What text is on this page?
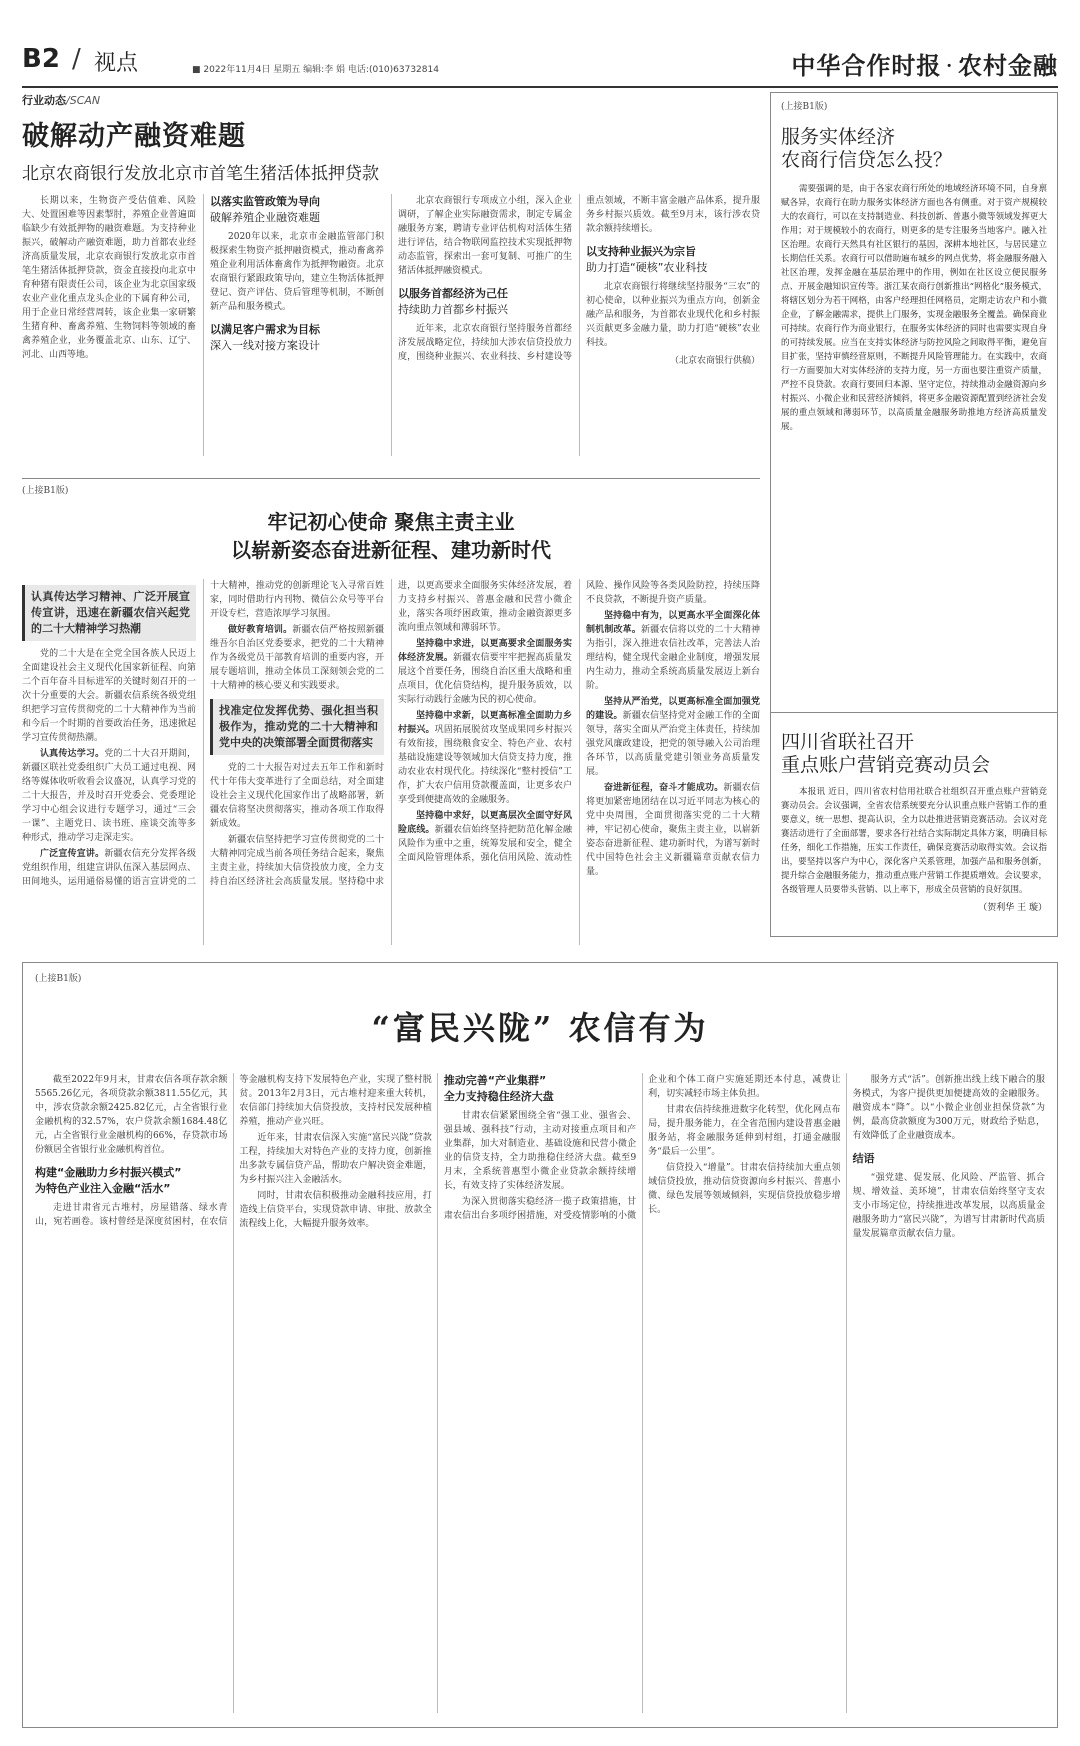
B2 / 视点	■ 2022年11月4日 星期五 编辑:李 娟 电话:(010)63732814	中华合作时报 · 农村金融
行业动态/SCAN
破解动产融资难题
北京农商银行发放北京市首笔生猪活体抵押贷款

长期以来，生物资产受估值难、风险大、处置困难等因素掣肘，养殖企业普遍面临缺少有效抵押物的融资难题。为支持种业振兴，破解动产融资难题，助力首都农业经济高质量发展，北京农商银行发放北京市首笔生猪活体抵押贷款，资金直接投向北京中育种猪有限责任公司，该企业为北京国家级农业产业化重点龙头企业的下属育种公司，用于企业日常经营周转，该企业集一家研繁生猪育种、畜禽养殖、生物饲料等领域的畜禽养殖企业，业务覆盖北京、山东、辽宁、河北、山西等地。

以落实监管政策为导向
破解养殖企业融资难题

2020年以来，北京市金融监管部门积极探索生物资产抵押融资模式，推动畜禽养殖企业利用活体畜禽作为抵押物融资。北京农商银行紧跟政策导向，建立生物活体抵押登记、资产评估、贷后管理等机制，不断创新产品和服务模式。

以满足客户需求为目标
深入一线对接方案设计

北京农商银行专项成立小组，深入企业调研，了解企业实际融资需求，制定专属金融服务方案，聘请专业评估机构对活体生猪进行评估，结合物联网监控技术实现抵押物动态监管，探索出一套可复制、可推广的生猪活体抵押融资模式。

以服务首都经济为己任
持续助力首都乡村振兴

近年来，北京农商银行坚持服务首都经济发展战略定位，持续加大涉农信贷投放力度，围绕种业振兴、农业科技、乡村建设等重点领域，不断丰富金融产品体系，提升服务乡村振兴质效。截至9月末，该行涉农贷款余额持续增长。

以支持种业振兴为宗旨
助力打造“硬核”农业科技

北京农商银行将继续坚持服务“三农”的初心使命，以种业振兴为重点方向，创新金融产品和服务，为首都农业现代化和乡村振兴贡献更多金融力量，助力打造“硬核”农业科技。

（北京农商银行供稿）
(上接B1版)
服务实体经济
农商行信贷怎么投？

需要强调的是，由于各家农商行所处的地域经济环境不同，自身禀赋各异，农商行在助力服务实体经济方面也各有侧重。对于资产规模较大的农商行，可以在支持制造业、科技创新、普惠小微等领域发挥更大作用；对于规模较小的农商行，则更多的是专注服务当地客户。融入社区治理。农商行天然具有社区银行的基因，深耕本地社区，与居民建立长期信任关系。农商行可以借助遍布城乡的网点优势，将金融服务融入社区治理，发挥金融在基层治理中的作用，例如在社区设立便民服务点、开展金融知识宣传等。浙江某农商行创新推出“网格化”服务模式，将辖区划分为若干网格，由客户经理担任网格员，定期走访农户和小微企业，了解金融需求，提供上门服务，实现金融服务全覆盖。确保商业可持续。农商行作为商业银行，在服务实体经济的同时也需要实现自身的可持续发展。应当在支持实体经济与防控风险之间取得平衡，避免盲目扩张，坚持审慎经营原则，不断提升风险管理能力。在实践中，农商行一方面要加大对实体经济的支持力度，另一方面也要注重资产质量，严控不良贷款。农商行要回归本源、坚守定位，持续推动金融资源向乡村振兴、小微企业和民营经济倾斜，将更多金融资源配置到经济社会发展的重点领域和薄弱环节，以高质量金融服务助推地方经济高质量发展。

四川省联社召开
重点账户营销竞赛动员会

本报讯 近日，四川省农村信用社联合社组织召开重点账户营销竞赛动员会。会议强调，全省农信系统要充分认识重点账户营销工作的重要意义，统一思想、提高认识，全力以赴推进营销竞赛活动。会议对竞赛活动进行了全面部署，要求各行社结合实际制定具体方案，明确目标任务，细化工作措施，压实工作责任，确保竞赛活动取得实效。会议指出，要坚持以客户为中心，深化客户关系管理，加强产品和服务创新，提升综合金融服务能力，推动重点账户营销工作提质增效。会议要求，各级管理人员要带头营销、以上率下，形成全员营销的良好氛围。

（贺利华 王 璇）
(上接B1版)
牢记初心使命 聚焦主责主业
以崭新姿态奋进新征程、建功新时代
认真传达学习精神、广泛开展宣传宣讲，迅速在新疆农信兴起党的二十大精神学习热潮

党的二十大是在全党全国各族人民迈上全面建设社会主义现代化国家新征程、向第二个百年奋斗目标进军的关键时刻召开的一次十分重要的大会。新疆农信系统各级党组织把学习宣传贯彻党的二十大精神作为当前和今后一个时期的首要政治任务，迅速掀起学习宣传贯彻热潮。

认真传达学习。党的二十大召开期间，新疆区联社党委组织广大员工通过电视、网络等媒体收听收看会议盛况，认真学习党的二十大报告，并及时召开党委会、党委理论学习中心组会议进行专题学习，通过“三会一课”、主题党日、读书班、座谈交流等多种形式，推动学习走深走实。

广泛宣传宣讲。新疆农信充分发挥各级党组织作用，组建宣讲队伍深入基层网点、田间地头，运用通俗易懂的语言宣讲党的二十大精神，推动党的创新理论飞入寻常百姓家，同时借助行内刊物、微信公众号等平台开设专栏，营造浓厚学习氛围。

做好教育培训。新疆农信严格按照新疆维吾尔自治区党委要求，把党的二十大精神作为各级党员干部教育培训的重要内容，开展专题培训，推动全体员工深刻领会党的二十大精神的核心要义和实践要求。

找准定位发挥优势、强化担当积极作为，推动党的二十大精神和党中央的决策部署全面贯彻落实

党的二十大报告对过去五年工作和新时代十年伟大变革进行了全面总结，对全面建设社会主义现代化国家作出了战略部署，新疆农信将坚决贯彻落实，推动各项工作取得新成效。

新疆农信坚持把学习宣传贯彻党的二十大精神同完成当前各项任务结合起来，聚焦主责主业，持续加大信贷投放力度，全力支持自治区经济社会高质量发展。坚持稳中求进，以更高要求全面服务实体经济发展，着力支持乡村振兴、普惠金融和民营小微企业，落实各项纾困政策，推动金融资源更多流向重点领域和薄弱环节。

坚持稳中求进，以更高要求全面服务实体经济发展。新疆农信要牢牢把握高质量发展这个首要任务，围绕自治区重大战略和重点项目，优化信贷结构，提升服务质效，以实际行动践行金融为民的初心使命。

坚持稳中求新，以更高标准全面助力乡村振兴。巩固拓展脱贫攻坚成果同乡村振兴有效衔接，围绕粮食安全、特色产业、农村基础设施建设等领域加大信贷支持力度，推动农业农村现代化。持续深化“整村授信”工作，扩大农户信用贷款覆盖面，让更多农户享受到便捷高效的金融服务。

坚持稳中求好，以更高层次全面守好风险底线。新疆农信始终坚持把防范化解金融风险作为重中之重，统筹发展和安全，健全全面风险管理体系，强化信用风险、流动性风险、操作风险等各类风险防控，持续压降不良贷款，不断提升资产质量。

坚持稳中有为，以更高水平全面深化体制机制改革。新疆农信将以党的二十大精神为指引，深入推进农信社改革，完善法人治理结构，健全现代金融企业制度，增强发展内生动力，推动全系统高质量发展迈上新台阶。

坚持从严治党，以更高标准全面加强党的建设。新疆农信坚持党对金融工作的全面领导，落实全面从严治党主体责任，持续加强党风廉政建设，把党的领导融入公司治理各环节，以高质量党建引领业务高质量发展。

奋进新征程，奋斗才能成功。新疆农信将更加紧密地团结在以习近平同志为核心的党中央周围，全面贯彻落实党的二十大精神，牢记初心使命，聚焦主责主业，以崭新姿态奋进新征程、建功新时代，为谱写新时代中国特色社会主义新疆篇章贡献农信力量。

(上接B1版)
“富民兴陇” 农信有为

截至2022年9月末，甘肃农信各项存款余额5565.26亿元，各项贷款余额3811.55亿元，其中，涉农贷款余额2425.82亿元，占全省银行业金融机构的32.57%，农户贷款余额1684.48亿元，占全省银行业金融机构的66%，存贷款市场份额居全省银行业金融机构首位。

构建“金融助力乡村振兴模式”
为特色产业注入金融“活水”

走进甘肃省元古堆村，房屋错落、绿水青山，宛若画卷。该村曾经是深度贫困村，在农信等金融机构支持下发展特色产业，实现了整村脱贫。2013年2月3日，元古堆村迎来重大转机，农信部门持续加大信贷投放，支持村民发展种植养殖，推动产业兴旺。

近年来，甘肃农信深入实施“富民兴陇”贷款工程，持续加大对特色产业的支持力度，创新推出多款专属信贷产品，帮助农户解决资金难题，为乡村振兴注入金融活水。

同时，甘肃农信积极推动金融科技应用，打造线上信贷平台，实现贷款申请、审批、放款全流程线上化，大幅提升服务效率。

推动完善“产业集群”
全力支持稳住经济大盘

甘肃农信紧紧围绕全省“强工业、强省会、强县域、强科技”行动，主动对接重点项目和产业集群，加大对制造业、基础设施和民营小微企业的信贷支持，全力助推稳住经济大盘。截至9月末，全系统普惠型小微企业贷款余额持续增长，有效支持了实体经济发展。

为深入贯彻落实稳经济一揽子政策措施，甘肃农信出台多项纾困措施，对受疫情影响的小微企业和个体工商户实施延期还本付息，减费让利，切实减轻市场主体负担。

甘肃农信持续推进数字化转型，优化网点布局，提升服务能力，在全省范围内建设普惠金融服务站，将金融服务延伸到村组，打通金融服务“最后一公里”。

信贷投入“增量”。甘肃农信持续加大重点领域信贷投放，推动信贷资源向乡村振兴、普惠小微、绿色发展等领域倾斜，实现信贷投放稳步增长。

服务方式“活”。创新推出线上线下融合的服务模式，为客户提供更加便捷高效的金融服务。融资成本“降”。以“小微企业创业担保贷款”为例，最高贷款额度为300万元，财政给予贴息，有效降低了企业融资成本。

结语

“强党建、促发展、化风险、严监管、抓合规、增效益、美环境”，甘肃农信始终坚守支农支小市场定位，持续推进改革发展，以高质量金融服务助力“富民兴陇”，为谱写甘肃新时代高质量发展篇章贡献农信力量。
